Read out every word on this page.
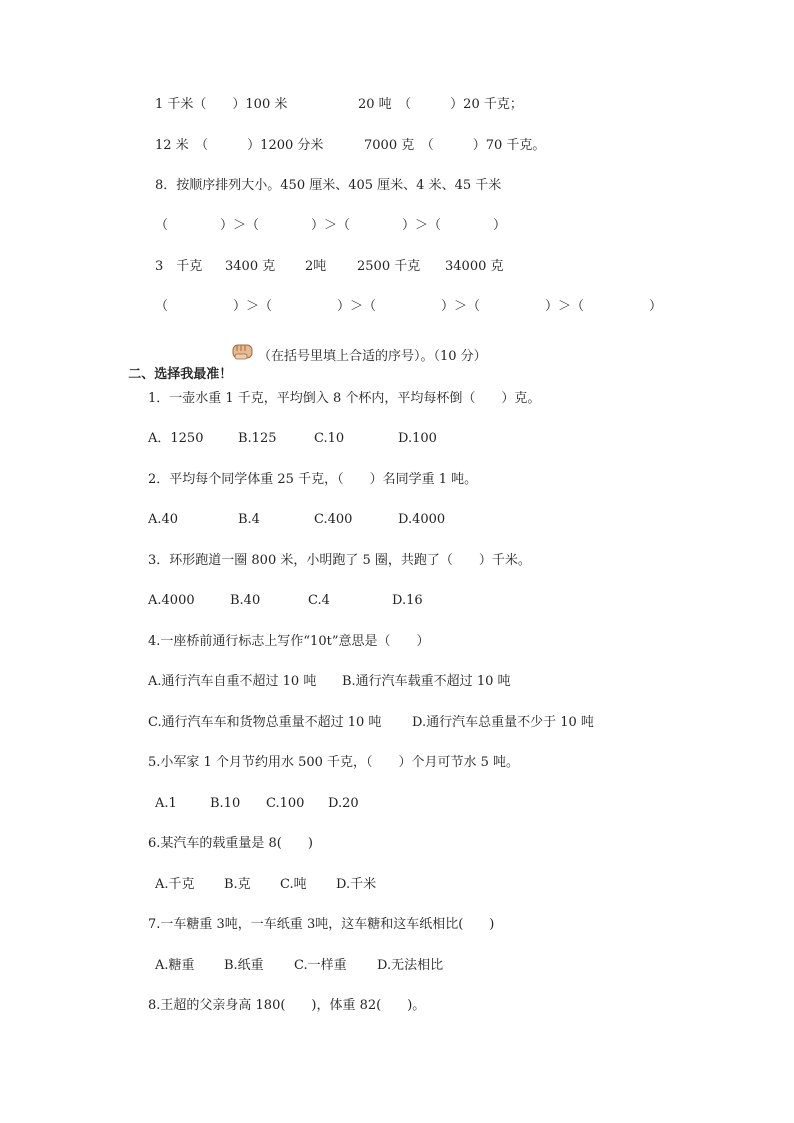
1 千米（　　）100 米

	20 吨　（　　　）20 千克；

12 米　（　　　）1200 分米

	7000 克　（　　　）70 千克。

8．按顺序排列大小。450 厘米、405 厘米、4 米、45 千米
（　　　　）＞（　　　　）＞（　　　　）＞（　　　　）

3　千克

3400 克

2吨

2500 千克

34000 克

（　　　　　）＞（　　　　　）＞（　　　　　）＞（　　　　　）＞（　　　　　）

二、选择我最准！

（在括号里填上合适的序号）。（10 分）
1．一壶水重 1 千克，平均倒入 8 个杯内，平均每杯倒（　　）克。

A．1250

	B.125

	C.10

	D.100

2．平均每个同学体重 25 千克，（　　）名同学重 1 吨。

A.40

	B.4

	C.400

	D.4000

3．环形跑道一圈 800 米，小明跑了 5 圈，共跑了（　　）千米。

A.4000

	B.40

	C.4

	D.16

4.一座桥前通行标志上写作“10t”意思是（　　）

A.通行汽车自重不超过 10 吨

B.通行汽车载重不超过 10 吨

C.通行汽车车和货物总重量不超过 10 吨

D.通行汽车总重量不少于 10 吨

5.小军家 1 个月节约用水 500 千克，（　　）个月可节水 5 吨。

A.1

	B.10

C.100

D.20

6.某汽车的载重量是 8(　　)

A.千克

B.克

C.吨

D.千米

7.一车糖重 3吨，一车纸重 3吨，这车糖和这车纸相比(　　)

A.糖重

B.纸重

C.一样重

D.无法相比

8.王超的父亲身高 180(　　)，体重 82(　　)。
